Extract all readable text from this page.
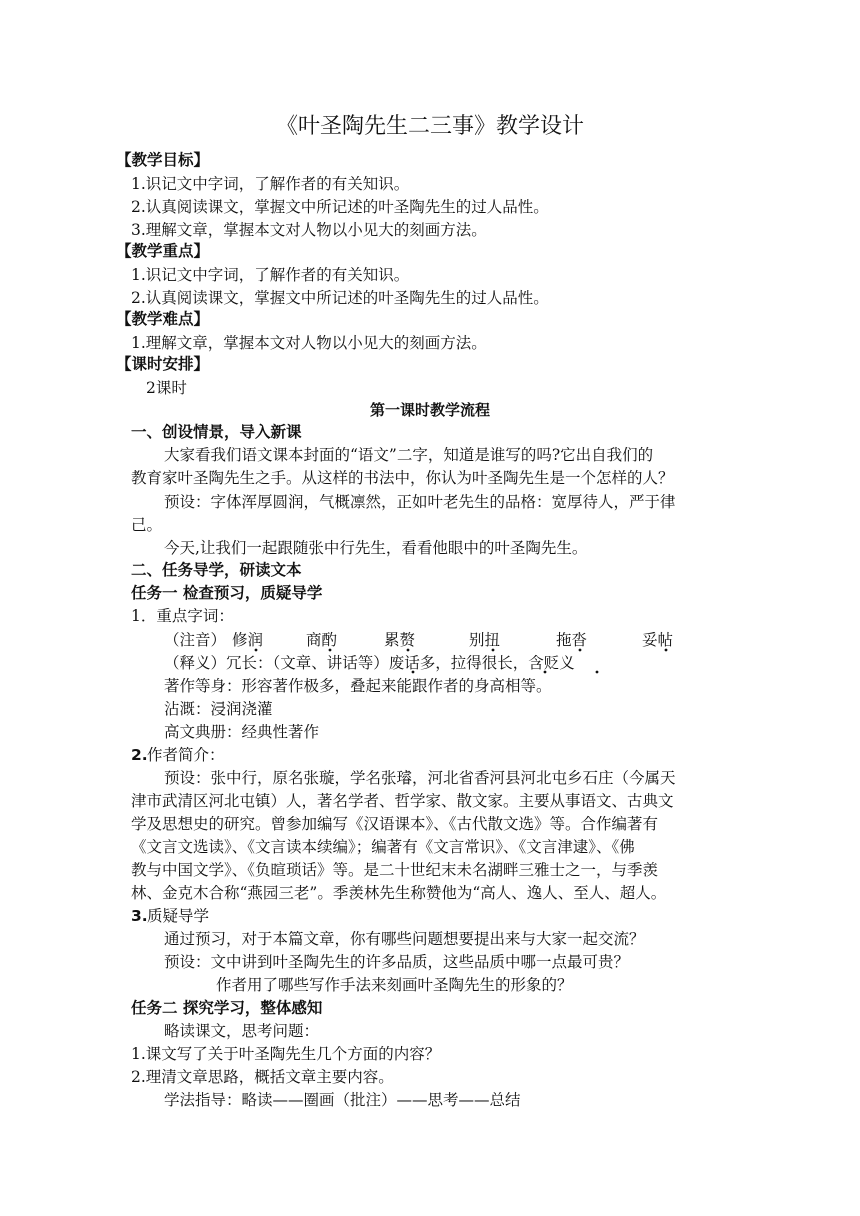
《叶圣陶先生二三事》教学设计
【教学目标】
1.识记文中字词，了解作者的有关知识。
2.认真阅读课文，掌握文中所记述的叶圣陶先生的过人品性。
3.理解文章，掌握本文对人物以小见大的刻画方法。
【教学重点】
1.识记文中字词，了解作者的有关知识。
2.认真阅读课文，掌握文中所记述的叶圣陶先生的过人品性。
【教学难点】
1.理解文章，掌握本文对人物以小见大的刻画方法。
【课时安排】
2课时
第一课时教学流程
一、创设情景，导入新课
大家看我们语文课本封面的“语文”二字，知道是谁写的吗?它出自我们的
教育家叶圣陶先生之手。从这样的书法中，你认为叶圣陶先生是一个怎样的人？
预设：字体浑厚圆润，气概凛然，正如叶老先生的品格：宽厚待人，严于律
己。
今天,让我们一起跟随张中行先生，看看他眼中的叶圣陶先生。
二、任务导学，研读文本
任务一 检查预习，质疑导学
1．重点字词：
（注音） 修润	商酌	累赘	别扭	拖沓	妥帖
（释义）冗长：（文章、讲话等）废话多，拉得很长，含贬义
著作等身：形容著作极多，叠起来能跟作者的身高相等。
沾溉：浸润浇灌
高文典册：经典性著作
2. 作者简介：
预设：张中行，原名张璇，学名张璿，河北省香河县河北屯乡石庄（今属天
津市武清区河北屯镇）人，著名学者、哲学家、散文家。主要从事语文、古典文
学及思想史的研究。曾参加编写《汉语课本》、《古代散文选》等。合作编著有
《文言文选读》、《文言读本续编》；编著有《文言常识》、《文言津逮》、《佛
教与中国文学》、《负暄琐话》等。是二十世纪末未名湖畔三雅士之一，与季羡
林、金克木合称“燕园三老”。季羡林先生称赞他为“高人、逸人、至人、超人。
3. 质疑导学
通过预习，对于本篇文章，你有哪些问题想要提出来与大家一起交流？
预设：文中讲到叶圣陶先生的许多品质，这些品质中哪一点最可贵？
作者用了哪些写作手法来刻画叶圣陶先生的形象的？
任务二 探究学习，整体感知
略读课文，思考问题：
1.课文写了关于叶圣陶先生几个方面的内容？
2.理清文章思路，概括文章主要内容。
学法指导：略读——圈画（批注）——思考——总结
